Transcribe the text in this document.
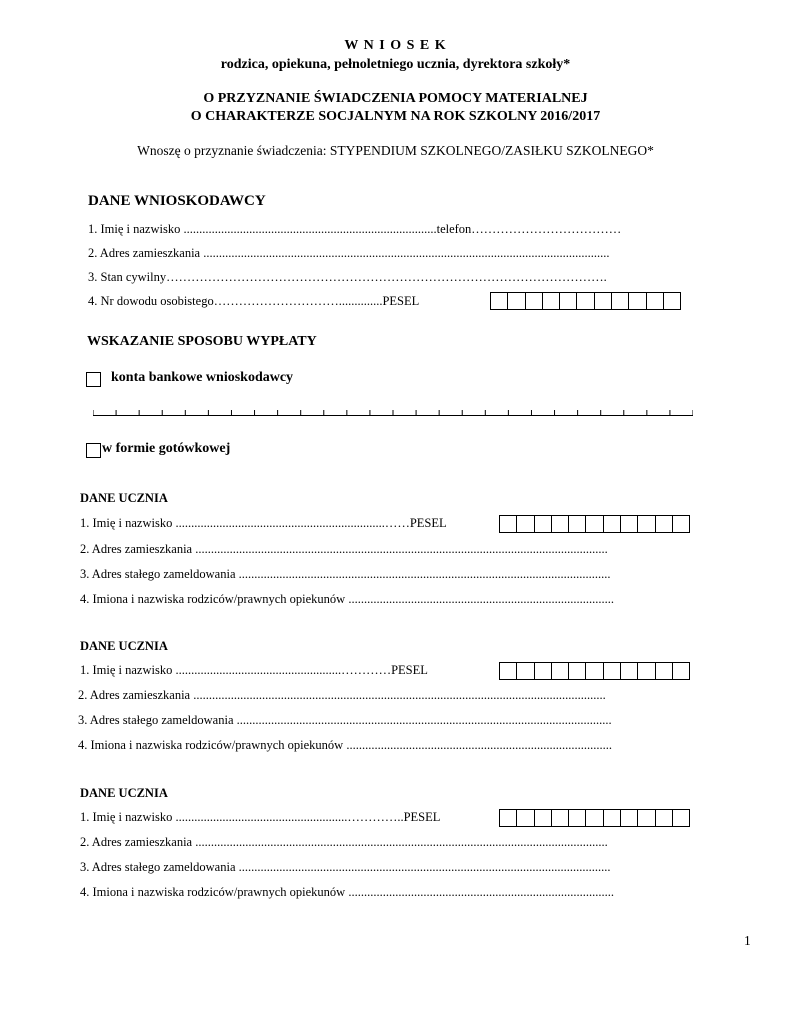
W N I O S E K
rodzica, opiekuna, pełnoletniego ucznia, dyrektora szkoły*
O PRZYZNANIE ŚWIADCZENIA POMOCY MATERIALNEJ
O CHARAKTERZE SOCJALNYM NA ROK SZKOLNY 2016/2017
Wnoszę o przyznanie świadczenia: STYPENDIUM SZKOLNEGO/ZASIŁKU SZKOLNEGO*
DANE WNIOSKODAWCY
1. Imię i nazwisko .................................................................................telefon………………………………
2. Adres zamieszkania ..................................................................................................................................
3. Stan cywilny…………………………………………………………………………………………….
4. Nr dowodu osobistego…………………………..............PESEL
WSKAZANIE SPOSOBU WYPŁATY
konta bankowe wnioskodawcy
w formie gotówkowej
DANE UCZNIA
1. Imię i nazwisko ...................................................................……PESEL
2. Adres zamieszkania ....................................................................................................................................
3. Adres stałego zameldowania .......................................................................................................................
4. Imiona i nazwiska rodziców/prawnych opiekunów .....................................................................................
DANE UCZNIA
1. Imię i nazwisko .....................................................…………PESEL
2. Adres zamieszkania ....................................................................................................................................
3. Adres stałego zameldowania ........................................................................................................................
4. Imiona i nazwiska rodziców/prawnych opiekunów .....................................................................................
DANE UCZNIA
1. Imię i nazwisko .......................................................…………..PESEL
2. Adres zamieszkania ....................................................................................................................................
3. Adres stałego zameldowania .......................................................................................................................
4. Imiona i nazwiska rodziców/prawnych opiekunów .....................................................................................
1
